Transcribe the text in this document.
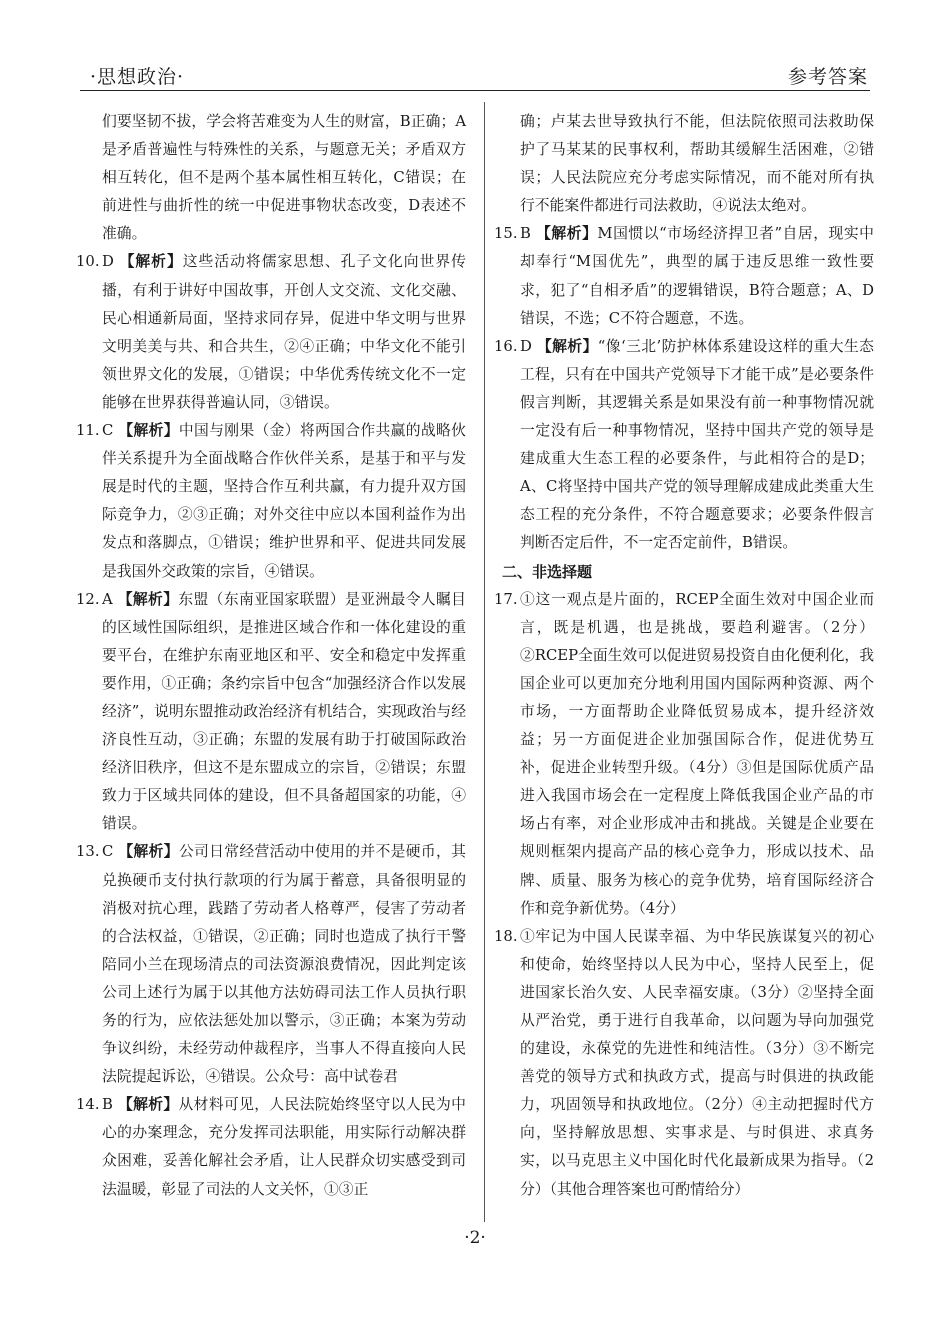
·思想政治·	参考答案

们要坚韧不拔，学会将苦难变为人生的财富，B正确；A是矛盾普遍性与特殊性的关系，与题意无关；矛盾双方相互转化，但不是两个基本属性相互转化，C错误；在前进性与曲折性的统一中促进事物状态改变，D表述不准确。

10. D 【解析】这些活动将儒家思想、孔子文化向世界传播，有利于讲好中国故事，开创人文交流、文化交融、民心相通新局面，坚持求同存异，促进中华文明与世界文明美美与共、和合共生，②④正确；中华文化不能引领世界文化的发展，①错误；中华优秀传统文化不一定能够在世界获得普遍认同，③错误。
11. C 【解析】中国与刚果（金）将两国合作共赢的战略伙伴关系提升为全面战略合作伙伴关系，是基于和平与发展是时代的主题，坚持合作互利共赢，有力提升双方国际竞争力，②③正确；对外交往中应以本国利益作为出发点和落脚点，①错误；维护世界和平、促进共同发展是我国外交政策的宗旨，④错误。
12. A 【解析】东盟（东南亚国家联盟）是亚洲最令人瞩目的区域性国际组织，是推进区域合作和一体化建设的重要平台，在维护东南亚地区和平、安全和稳定中发挥重要作用，①正确；条约宗旨中包含“加强经济合作以发展经济”，说明东盟推动政治经济有机结合，实现政治与经济良性互动，③正确；东盟的发展有助于打破国际政治经济旧秩序，但这不是东盟成立的宗旨，②错误；东盟致力于区域共同体的建设，但不具备超国家的功能，④错误。
13. C 【解析】公司日常经营活动中使用的并不是硬币，其兑换硬币支付执行款项的行为属于蓄意，具备很明显的消极对抗心理，践踏了劳动者人格尊严，侵害了劳动者的合法权益，①错误，②正确；同时也造成了执行干警陪同小兰在现场清点的司法资源浪费情况，因此判定该公司上述行为属于以其他方法妨碍司法工作人员执行职务的行为，应依法惩处加以警示，③正确；本案为劳动争议纠纷，未经劳动仲裁程序，当事人不得直接向人民法院提起诉讼，④错误。公众号：高中试卷君
14. B 【解析】从材料可见，人民法院始终坚守以人民为中心的办案理念，充分发挥司法职能，用实际行动解决群众困难，妥善化解社会矛盾，让人民群众切实感受到司法温暖，彰显了司法的人文关怀，①③正

确；卢某去世导致执行不能，但法院依照司法救助保护了马某某的民事权利，帮助其缓解生活困难，②错误；人民法院应充分考虑实际情况，而不能对所有执行不能案件都进行司法救助，④说法太绝对。

15. B 【解析】M国惯以“市场经济捍卫者”自居，现实中却奉行“M国优先”，典型的属于违反思维一致性要求，犯了“自相矛盾”的逻辑错误，B符合题意；A、D错误，不选；C不符合题意，不选。
16. D 【解析】“像‘三北’防护林体系建设这样的重大生态工程，只有在中国共产党领导下才能干成”是必要条件假言判断，其逻辑关系是如果没有前一种事物情况就一定没有后一种事物情况，坚持中国共产党的领导是建成重大生态工程的必要条件，与此相符合的是D；A、C将坚持中国共产党的领导理解成建成此类重大生态工程的充分条件，不符合题意要求；必要条件假言判断否定后件，不一定否定前件，B错误。

二、非选择题

17. ①这一观点是片面的，RCEP全面生效对中国企业而言，既是机遇，也是挑战，要趋利避害。（2分）②RCEP全面生效可以促进贸易投资自由化便利化，我国企业可以更加充分地利用国内国际两种资源、两个市场，一方面帮助企业降低贸易成本，提升经济效益；另一方面促进企业加强国际合作，促进优势互补，促进企业转型升级。（4分）③但是国际优质产品进入我国市场会在一定程度上降低我国企业产品的市场占有率，对企业形成冲击和挑战。关键是企业要在规则框架内提高产品的核心竞争力，形成以技术、品牌、质量、服务为核心的竞争优势，培育国际经济合作和竞争新优势。（4分）
18. ①牢记为中国人民谋幸福、为中华民族谋复兴的初心和使命，始终坚持以人民为中心，坚持人民至上，促进国家长治久安、人民幸福安康。（3分）②坚持全面从严治党，勇于进行自我革命，以问题为导向加强党的建设，永葆党的先进性和纯洁性。（3分）③不断完善党的领导方式和执政方式，提高与时俱进的执政能力，巩固领导和执政地位。（2分）④主动把握时代方向，坚持解放思想、实事求是、与时俱进、求真务实，以马克思主义中国化时代化最新成果为指导。（2分）（其他合理答案也可酌情给分）
·2·
